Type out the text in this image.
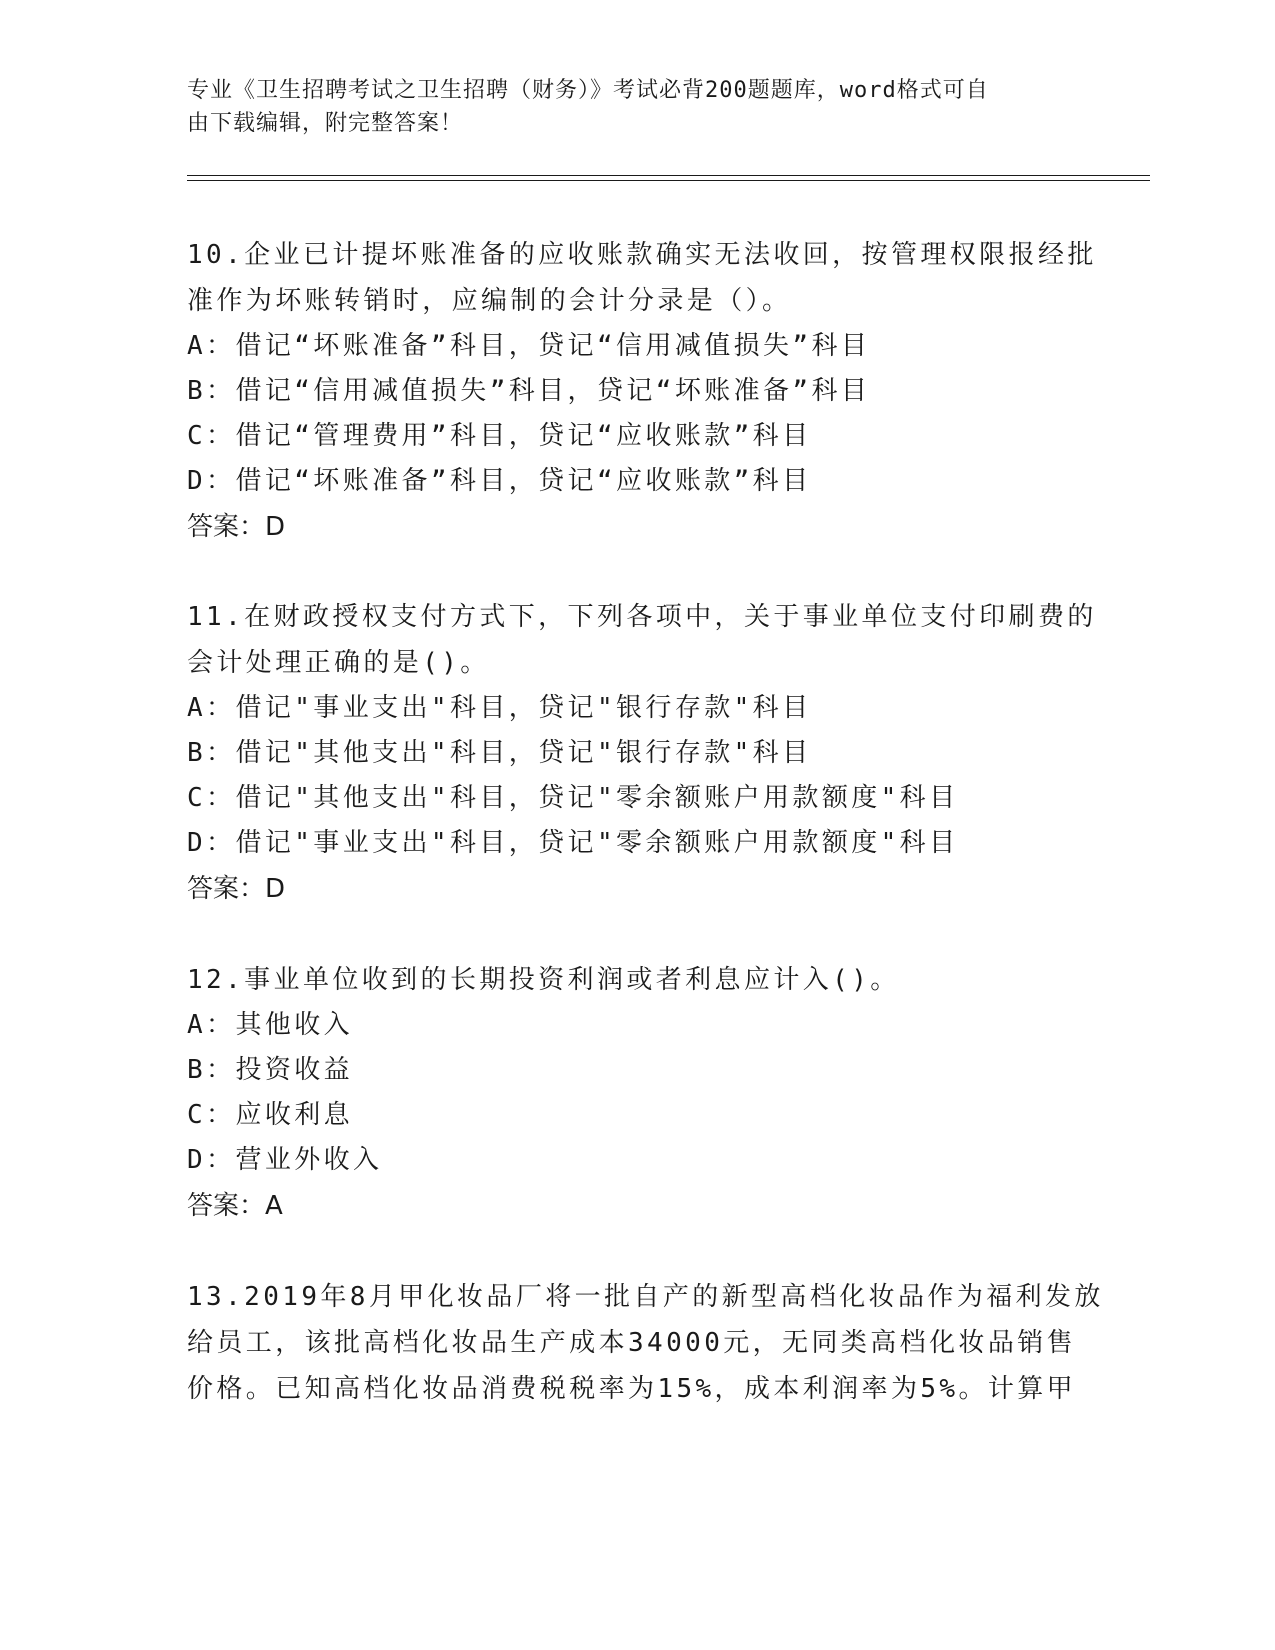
专业《卫生招聘考试之卫生招聘（财务）》考试必背200题题库，word格式可自
由下载编辑，附完整答案！
10.企业已计提坏账准备的应收账款确实无法收回，按管理权限报经批
准作为坏账转销时，应编制的会计分录是（）。
A：借记“坏账准备”科目，贷记“信用减值损失”科目
B：借记“信用减值损失”科目，贷记“坏账准备”科目
C：借记“管理费用”科目，贷记“应收账款”科目
D：借记“坏账准备”科目，贷记“应收账款”科目
答案：D
11.在财政授权支付方式下，下列各项中，关于事业单位支付印刷费的
会计处理正确的是()。
A：借记"事业支出"科目，贷记"银行存款"科目
B：借记"其他支出"科目，贷记"银行存款"科目
C：借记"其他支出"科目，贷记"零余额账户用款额度"科目
D：借记"事业支出"科目，贷记"零余额账户用款额度"科目
答案：D
12.事业单位收到的长期投资利润或者利息应计入()。
A：其他收入
B：投资收益
C：应收利息
D：营业外收入
答案：A
13.2019年8月甲化妆品厂将一批自产的新型高档化妆品作为福利发放
给员工，该批高档化妆品生产成本34000元，无同类高档化妆品销售
价格。已知高档化妆品消费税税率为15%，成本利润率为5%。计算甲
